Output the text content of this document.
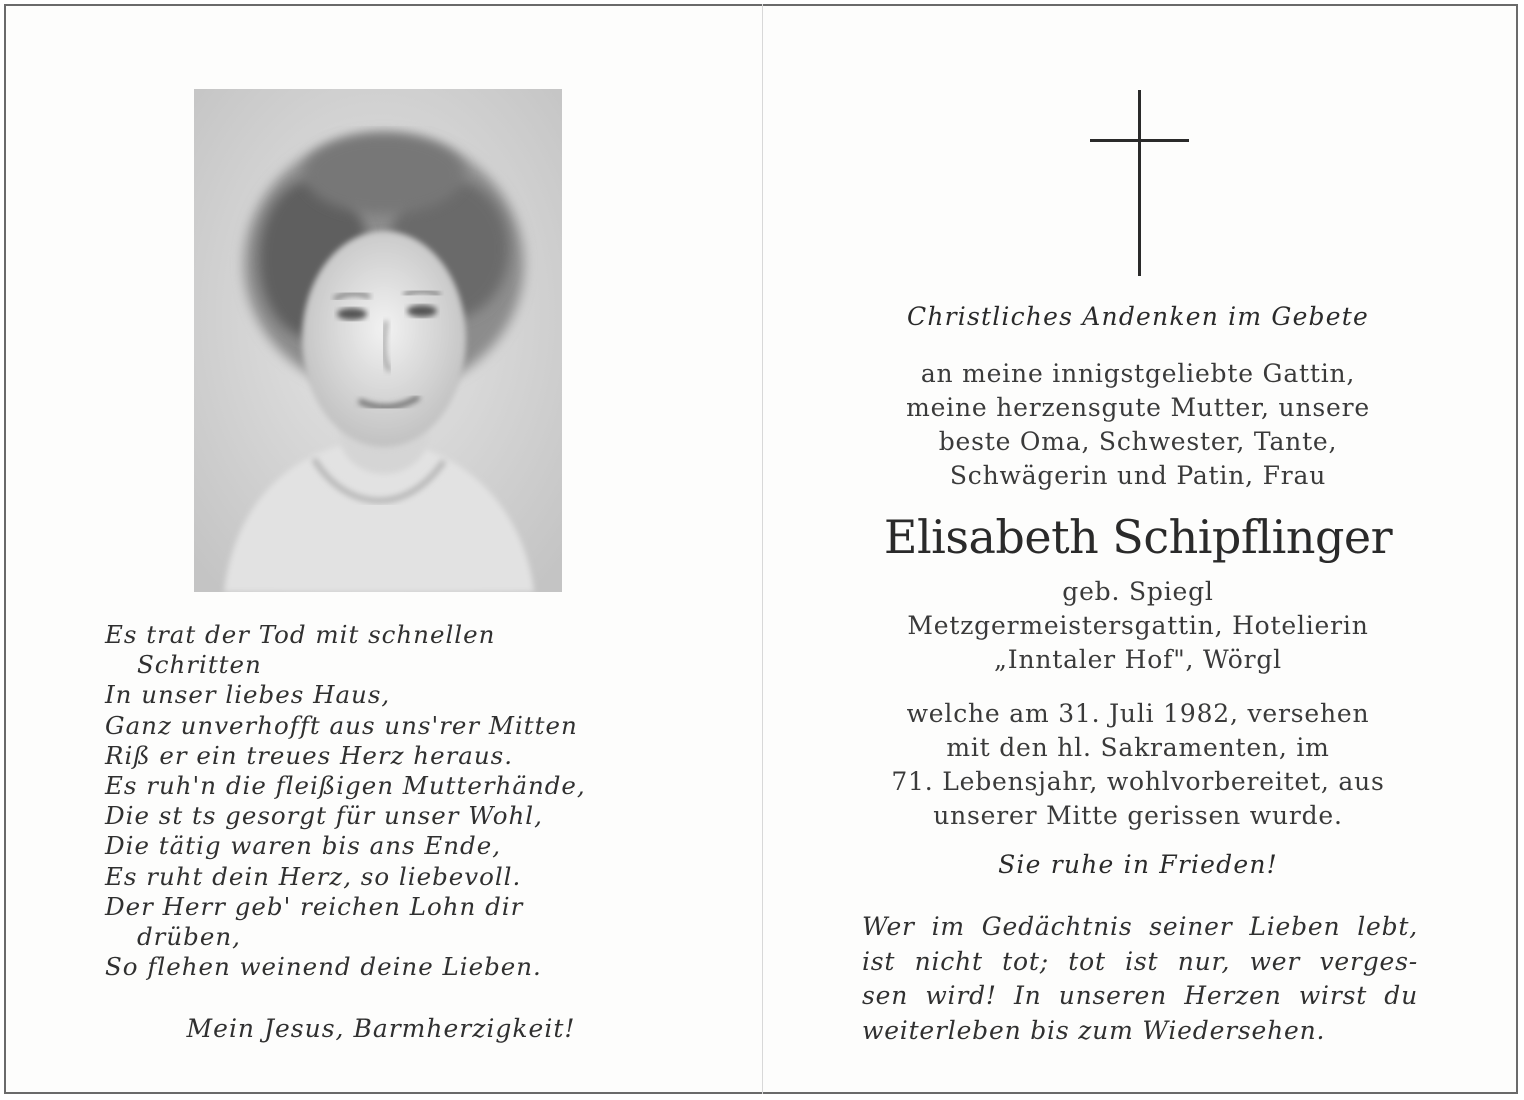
Es trat der Tod mit schnellen
Schritten
In unser liebes Haus,
Ganz unverhofft aus uns'rer Mitten
Riß er ein treues Herz heraus.
Es ruh'n die fleißigen Mutterhände,
Die st ts gesorgt für unser Wohl,
Die tätig waren bis ans Ende,
Es ruht dein Herz, so liebevoll.
Der Herr geb' reichen Lohn dir
drüben,
So flehen weinend deine Lieben.
Mein Jesus, Barmherzigkeit!
Christliches Andenken im Gebete
an meine innigstgeliebte Gattin,
meine herzensgute Mutter, unsere
beste Oma, Schwester, Tante,
Schwägerin und Patin, Frau
Elisabeth Schipflinger
geb. Spiegl
Metzgermeistersgattin, Hotelierin
„Inntaler Hof", Wörgl
welche am 31. Juli 1982, versehen
mit den hl. Sakramenten, im
71. Lebensjahr, wohlvorbereitet, aus
unserer Mitte gerissen wurde.
Sie ruhe in Frieden!
Wer im Gedächtnis seiner Lieben lebt,
ist nicht tot; tot ist nur, wer verges-
sen wird! In unseren Herzen wirst du
weiterleben bis zum Wiedersehen.
